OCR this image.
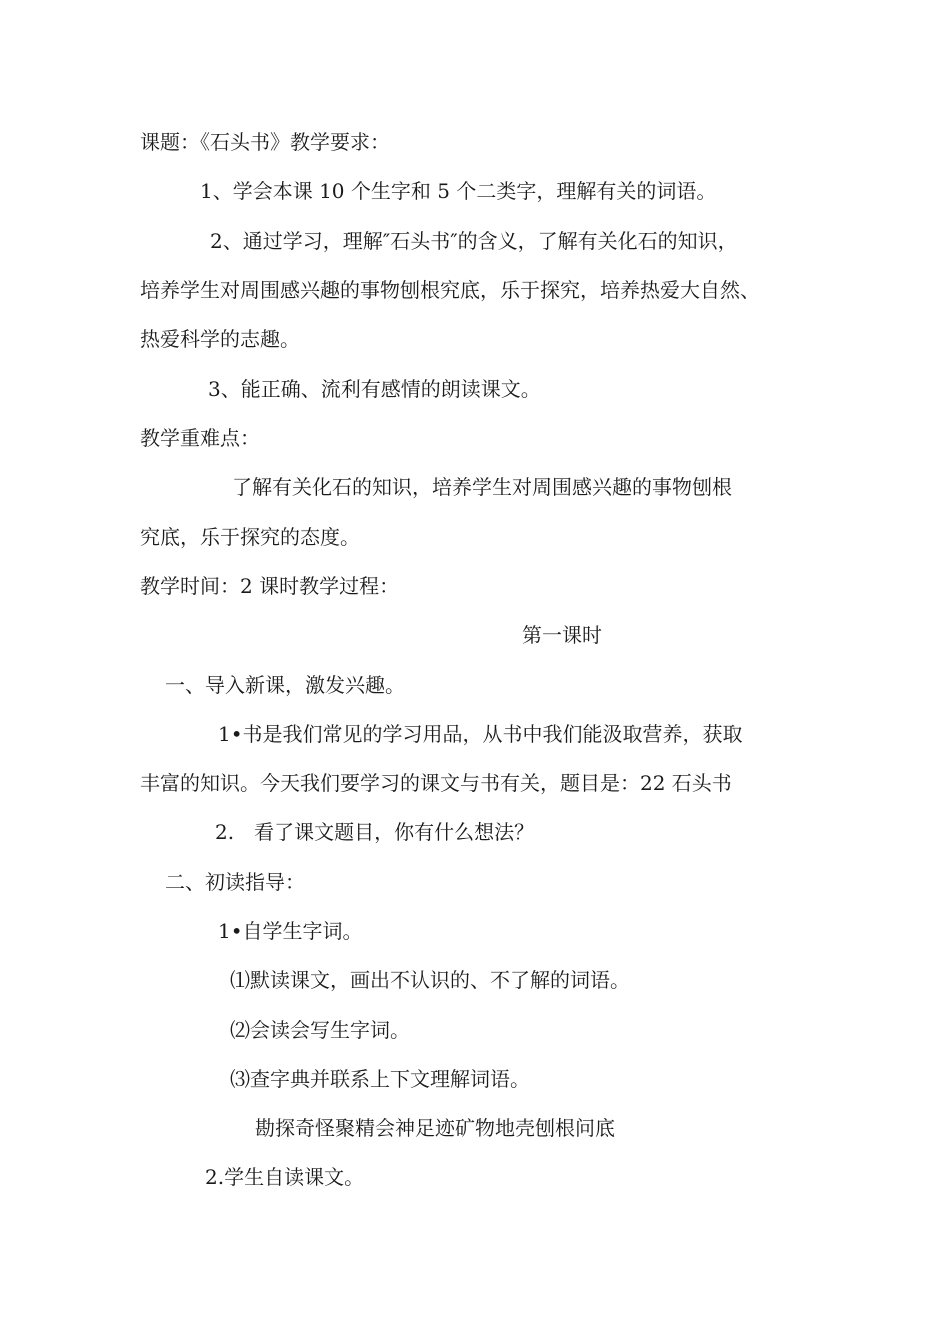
课题：《石头书》教学要求：
1、学会本课 10 个生字和 5 个二类字，理解有关的词语。
2、通过学习，理解″石头书″的含义，了解有关化石的知识，
培养学生对周围感兴趣的事物刨根究底，乐于探究，培养热爱大自然、
热爱科学的志趣。
3、能正确、流利有感情的朗读课文。
教学重难点：
了解有关化石的知识，培养学生对周围感兴趣的事物刨根
究底，乐于探究的态度。
教学时间：2 课时教学过程：
第一课时
一、导入新课，激发兴趣。
1•书是我们常见的学习用品，从书中我们能汲取营养，获取
丰富的知识。今天我们要学习的课文与书有关，题目是：22 石头书
2.　看了课文题目，你有什么想法？
二、初读指导：
1•自学生字词。
⑴默读课文，画出不认识的、不了解的词语。
⑵会读会写生字词。
⑶查字典并联系上下文理解词语。
勘探奇怪聚精会神足迹矿物地壳刨根问底
2.学生自读课文。
